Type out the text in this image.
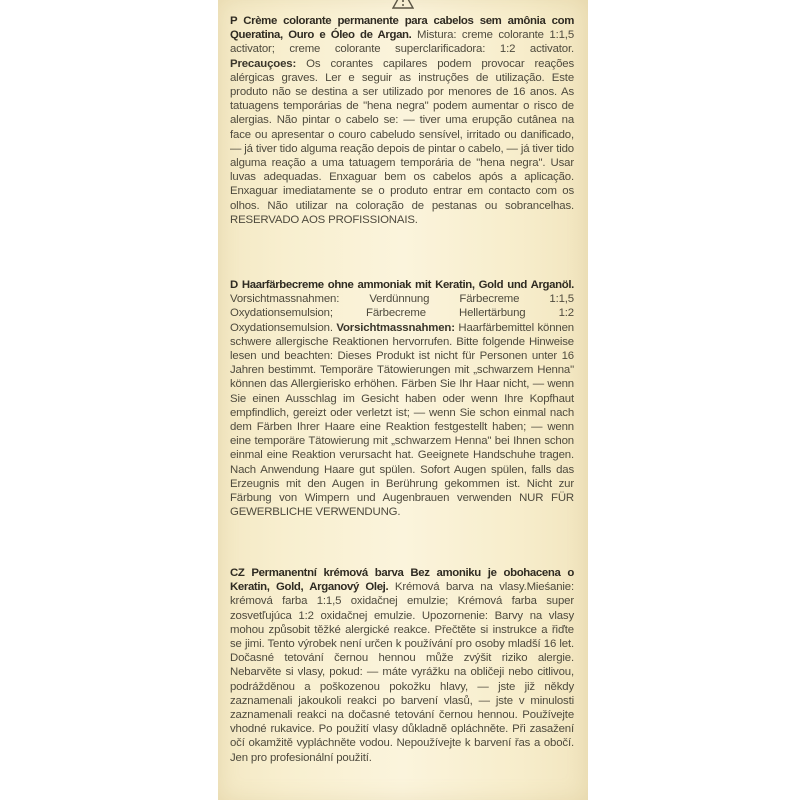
P Crème colorante permanente para cabelos sem amônia com Queratina, Ouro e Óleo de Argan. Mistura: creme colorante 1:1,5 activator; creme colorante superclarificadora: 1:2 activator. Precauçoes: Os corantes capilares podem provocar reações alérgicas graves. Ler e seguir as instruções de utilização. Este produto não se destina a ser utilizado por menores de 16 anos. As tatuagens temporárias de "hena negra" podem aumentar o risco de alergias. Não pintar o cabelo se: — tiver uma erupção cutânea na face ou apresentar o couro cabeludo sensível, irritado ou danificado, — já tiver tido alguma reação depois de pintar o cabelo, — já tiver tido alguma reação a uma tatuagem temporária de "hena negra". Usar luvas adequadas. Enxaguar bem os cabelos após a aplicação. Enxaguar imediatamente se o produto entrar em contacto com os olhos. Não utilizar na coloração de pestanas ou sobrancelhas. RESERVADO AOS PROFISSIONAIS.
D Haarfärbecreme ohne ammoniak mit Keratin, Gold und Arganöl. Vorsichtmassnahmen: Verdünnung Färbecreme 1:1,5 Oxydationsemulsion; Färbecreme Hellertärbung 1:2 Oxydationsemulsion. Vorsichtmassnahmen: Haarfärbemittel können schwere allergische Reaktionen hervorrufen. Bitte folgende Hinweise lesen und beachten: Dieses Produkt ist nicht für Personen unter 16 Jahren bestimmt. Temporäre Tätowierungen mit „schwarzem Henna" können das Allergierisko erhöhen. Färben Sie Ihr Haar nicht, — wenn Sie einen Ausschlag im Gesicht haben oder wenn Ihre Kopfhaut empfindlich, gereizt oder verletzt ist; — wenn Sie schon einmal nach dem Färben Ihrer Haare eine Reaktion festgestellt haben; — wenn eine temporäre Tätowierung mit „schwarzem Henna" bei Ihnen schon einmal eine Reaktion verursacht hat. Geeignete Handschuhe tragen. Nach Anwendung Haare gut spülen. Sofort Augen spülen, falls das Erzeugnis mit den Augen in Berührung gekommen ist. Nicht zur Färbung von Wimpern und Augenbrauen verwenden NUR FÜR GEWERBLICHE VERWENDUNG.
CZ Permanentní krémová barva Bez amoniku je obohacena o Keratin, Gold, Arganový Olej. Krémová barva na vlasy.Mieśanie: krémová farba 1:1,5 oxidačnej emulzie; Krémová farba super zosvetľujúca 1:2 oxidačnej emulzie. Upozornenie: Barvy na vlasy mohou způsobit těžké alergické reakce. Přečtěte si instrukce a řiďte se jimi. Tento výrobek není určen k používání pro osoby mladší 16 let. Dočasné tetování černou hennou může zvýšit riziko alergie. Nebarvěte si vlasy, pokud: — máte vyrážku na obličeji nebo citlivou, podrážděnou a poškozenou pokožku hlavy, — jste již někdy zaznamenali jakoukoli reakci po barvení vlasů, — jste v minulosti zaznamenali reakci na dočasné tetování černou hennou. Používejte vhodné rukavice. Po použití vlasy důkladně opláchněte. Při zasažení očí okamžitě vypláchněte vodou. Nepoužívejte k barvení řas a obočí. Jen pro profesionální použití.
